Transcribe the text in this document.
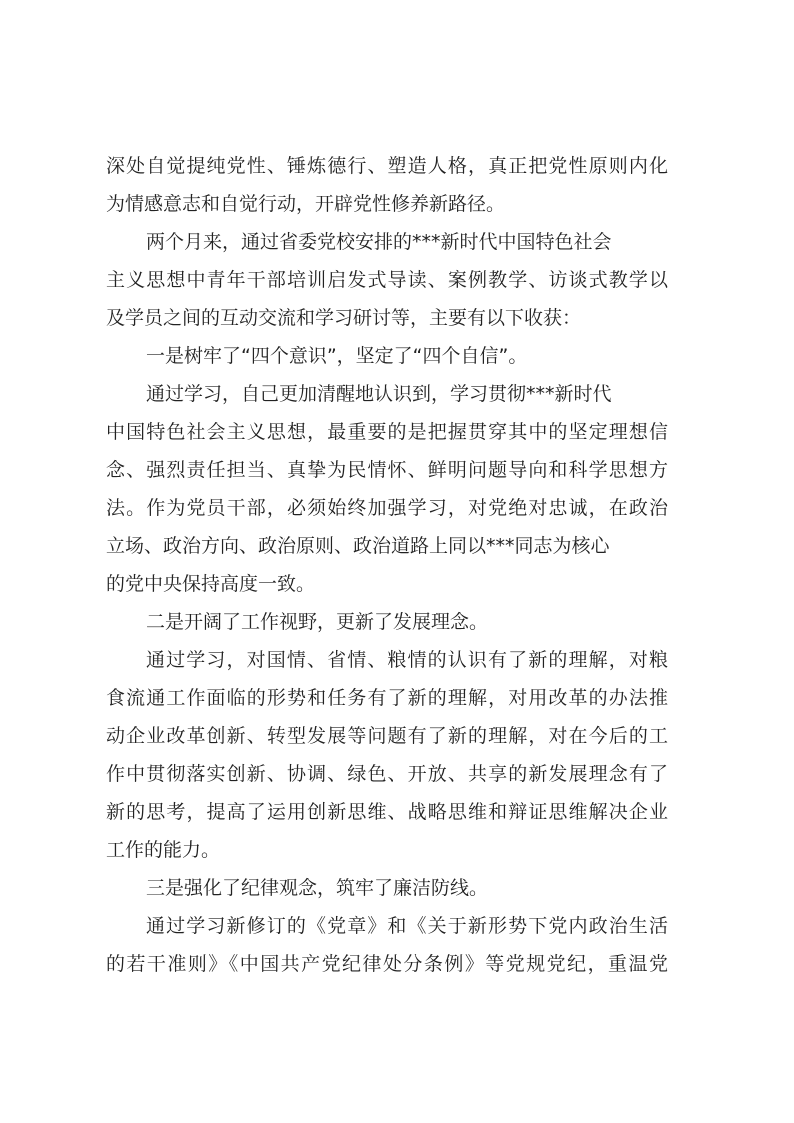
深处自觉提纯党性、锤炼德行、塑造人格，真正把党性原则内化
为情感意志和自觉行动，开辟党性修养新路径。
两个月来，通过省委党校安排的***新时代中国特色社会
主义思想中青年干部培训启发式导读、案例教学、访谈式教学以
及学员之间的互动交流和学习研讨等，主要有以下收获：
一是树牢了“四个意识”，坚定了“四个自信”。
通过学习，自己更加清醒地认识到，学习贯彻***新时代
中国特色社会主义思想，最重要的是把握贯穿其中的坚定理想信
念、强烈责任担当、真挚为民情怀、鲜明问题导向和科学思想方
法。作为党员干部，必须始终加强学习，对党绝对忠诚，在政治
立场、政治方向、政治原则、政治道路上同以***同志为核心
的党中央保持高度一致。
二是开阔了工作视野，更新了发展理念。
通过学习，对国情、省情、粮情的认识有了新的理解，对粮
食流通工作面临的形势和任务有了新的理解，对用改革的办法推
动企业改革创新、转型发展等问题有了新的理解，对在今后的工
作中贯彻落实创新、协调、绿色、开放、共享的新发展理念有了
新的思考，提高了运用创新思维、战略思维和辩证思维解决企业
工作的能力。
三是强化了纪律观念，筑牢了廉洁防线。
通过学习新修订的《党章》和《关于新形势下党内政治生活
的若干准则》《中国共产党纪律处分条例》等党规党纪，重温党
